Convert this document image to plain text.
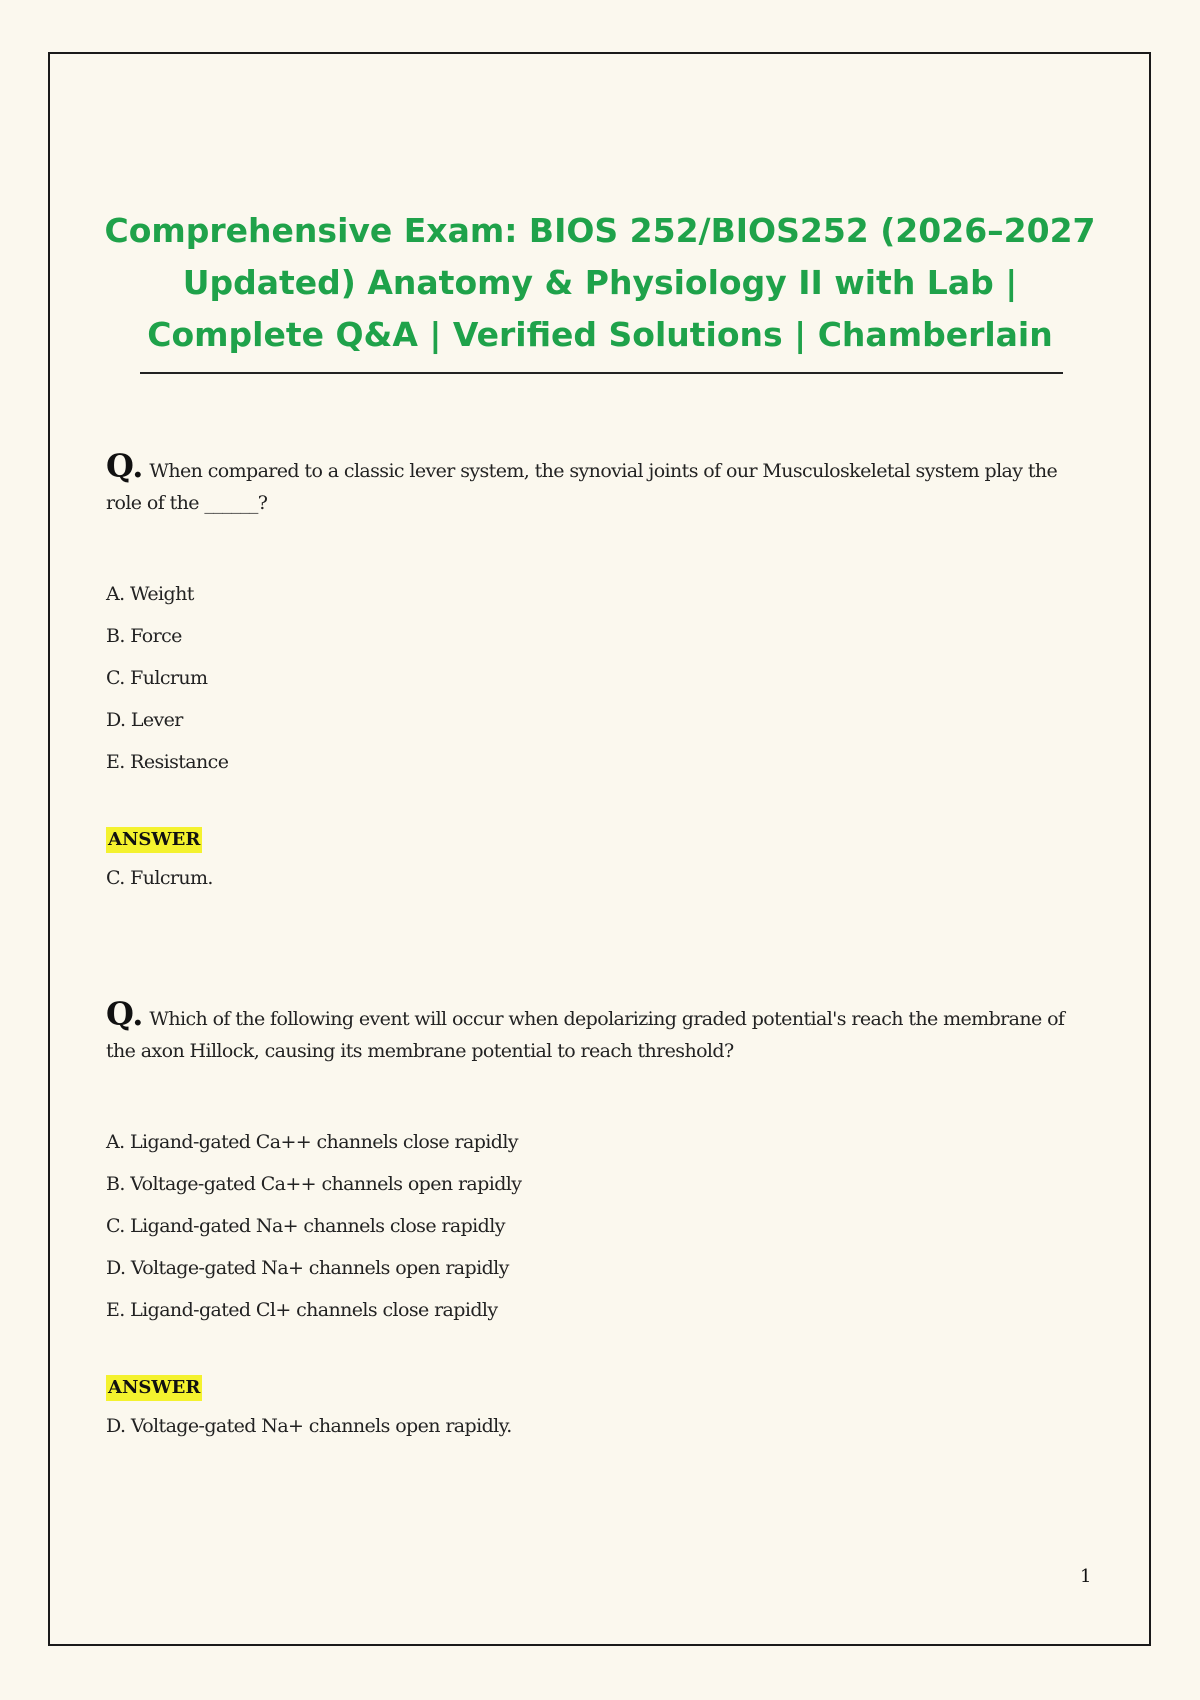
Comprehensive Exam: BIOS 252/BIOS252 (2026–2027 Updated) Anatomy & Physiology II with Lab | Complete Q&A | Verified Solutions | Chamberlain

Q. When compared to a classic lever system, the synovial joints of our Musculoskeletal system play the role of the ______?

A. Weight
B. Force
C. Fulcrum
D. Lever
E. Resistance
ANSWER

C. Fulcrum.

Q. Which of the following event will occur when depolarizing graded potential's reach the membrane of the axon Hillock, causing its membrane potential to reach threshold?

A. Ligand-gated Ca++ channels close rapidly
B. Voltage-gated Ca++ channels open rapidly
C. Ligand-gated Na+ channels close rapidly
D. Voltage-gated Na+ channels open rapidly
E. Ligand-gated Cl+ channels close rapidly
ANSWER

D. Voltage-gated Na+ channels open rapidly.

1
